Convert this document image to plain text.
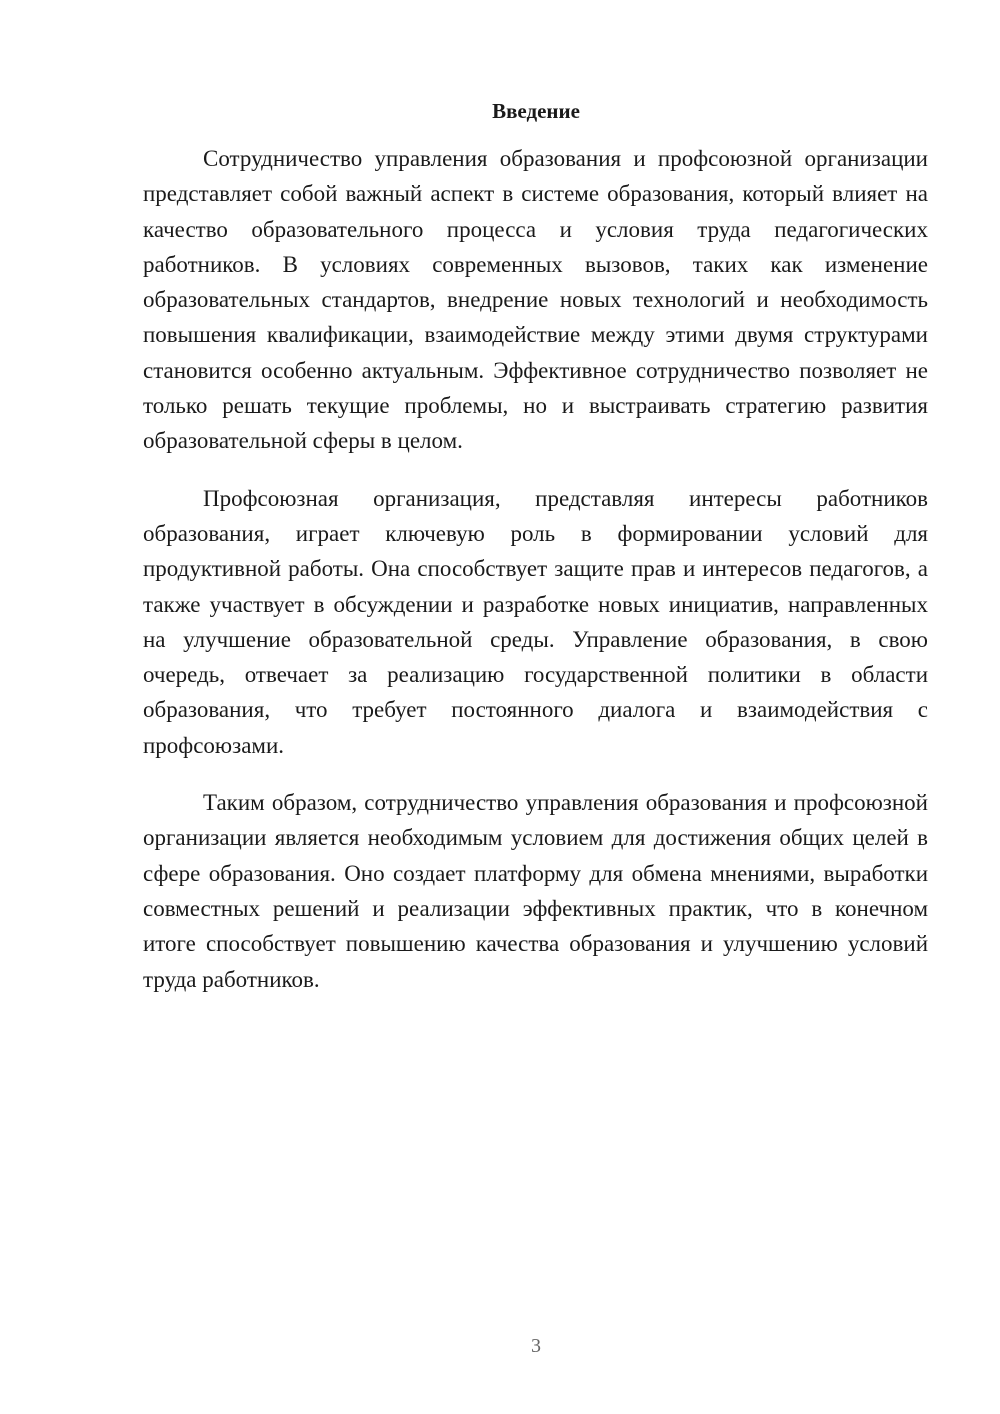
Введение

Сотрудничество управления образования и профсоюзной организации представляет собой важный аспект в системе образования, который влияет на качество образовательного процесса и условия труда педагогических работников. В условиях современных вызовов, таких как изменение образовательных стандартов, внедрение новых технологий и необходимость повышения квалификации, взаимодействие между этими двумя структурами становится особенно актуальным. Эффективное сотрудничество позволяет не только решать текущие проблемы, но и выстраивать стратегию развития образовательной сферы в целом.

Профсоюзная организация, представляя интересы работников образования, играет ключевую роль в формировании условий для продуктивной работы. Она способствует защите прав и интересов педагогов, а также участвует в обсуждении и разработке новых инициатив, направленных на улучшение образовательной среды. Управление образования, в свою очередь, отвечает за реализацию государственной политики в области образования, что требует постоянного диалога и взаимодействия с профсоюзами.

Таким образом, сотрудничество управления образования и профсоюзной организации является необходимым условием для достижения общих целей в сфере образования. Оно создает платформу для обмена мнениями, выработки совместных решений и реализации эффективных практик, что в конечном итоге способствует повышению качества образования и улучшению условий труда работников.

3
